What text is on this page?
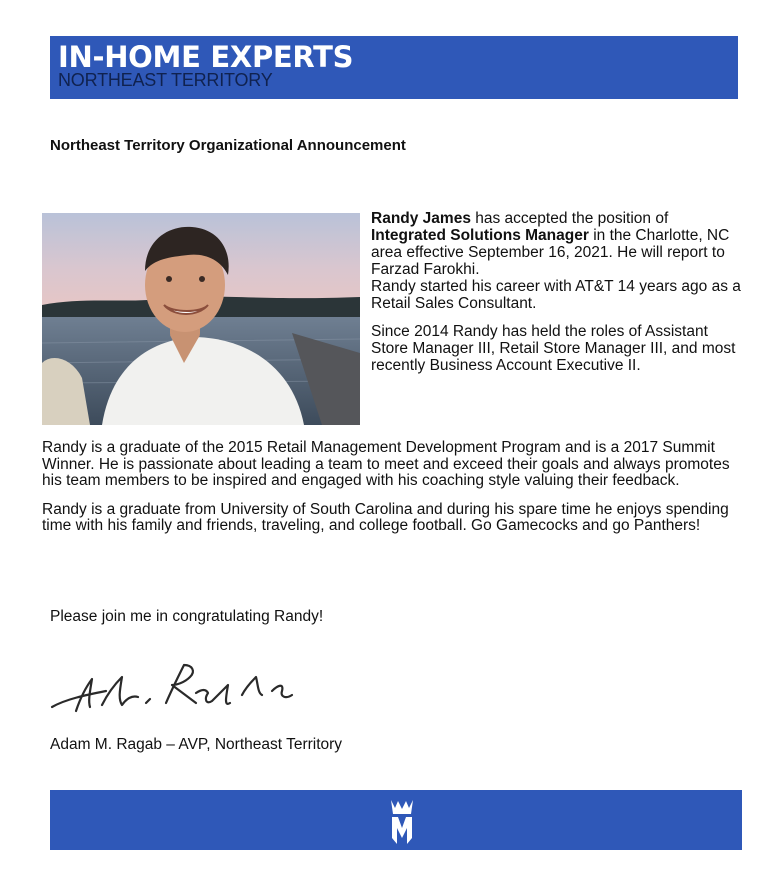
IN-HOME EXPERTS
NORTHEAST TERRITORY
Northeast Territory Organizational Announcement

Randy James has accepted the position of Integrated Solutions Manager in the Charlotte, NC area effective September 16, 2021. He will report to Farzad Farokhi.
Randy started his career with AT&T 14 years ago as a Retail Sales Consultant.

Since 2014 Randy has held the roles of Assistant Store Manager III, Retail Store Manager III, and most recently Business Account Executive II.

Randy is a graduate of the 2015 Retail Management Development Program and is a 2017 Summit Winner. He is passionate about leading a team to meet and exceed their goals and always promotes his team members to be inspired and engaged with his coaching style valuing their feedback.

Randy is a graduate from University of South Carolina and during his spare time he enjoys spending time with his family and friends, traveling, and college football. Go Gamecocks and go Panthers!

Please join me in congratulating Randy!
Adam M. Ragab – AVP, Northeast Territory
